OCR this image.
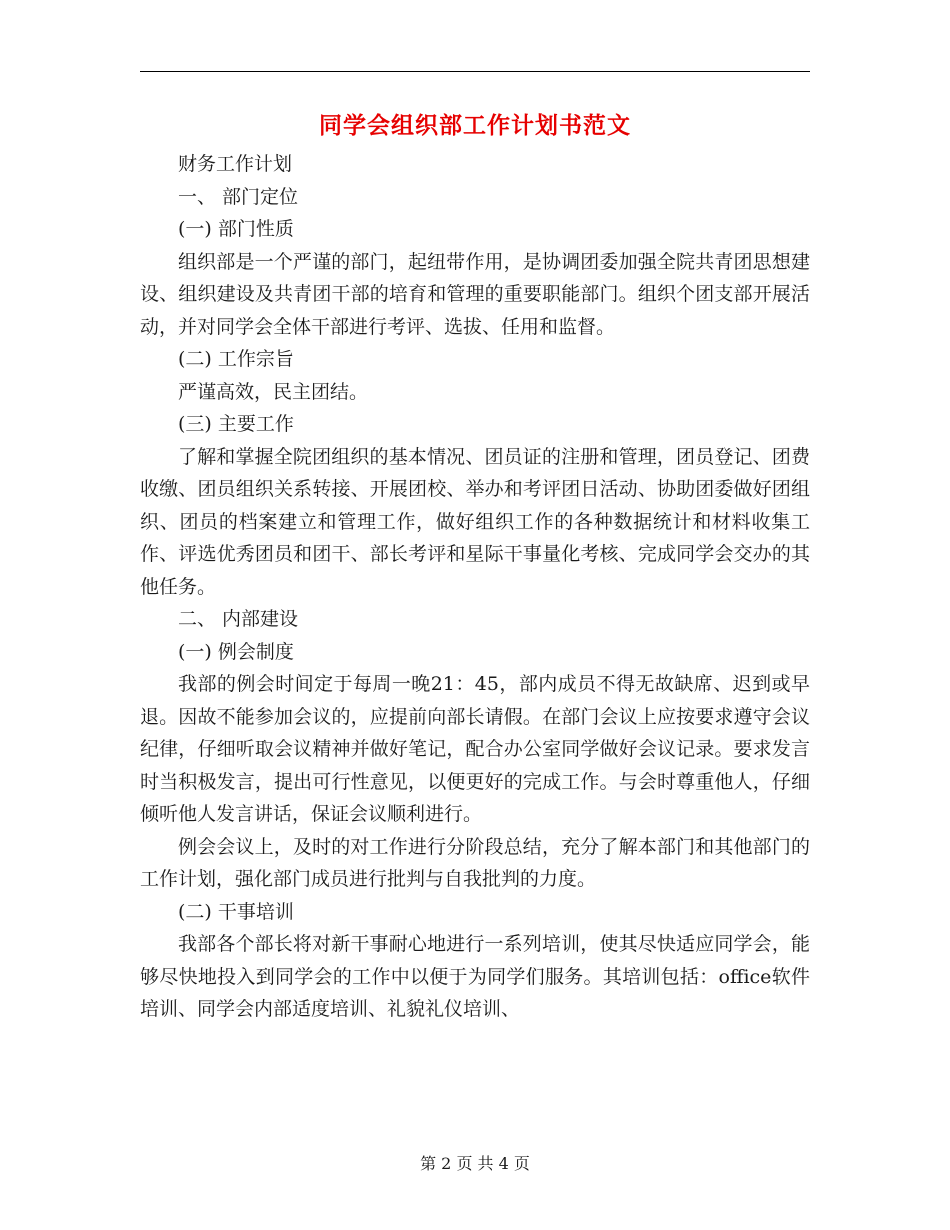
同学会组织部工作计划书范文

财务工作计划

一、 部门定位

(一) 部门性质

组织部是一个严谨的部门，起纽带作用，是协调团委加强全院共青团思想建设、组织建设及共青团干部的培育和管理的重要职能部门。组织个团支部开展活动，并对同学会全体干部进行考评、选拔、任用和监督。

(二) 工作宗旨

严谨高效，民主团结。

(三) 主要工作

了解和掌握全院团组织的基本情况、团员证的注册和管理，团员登记、团费收缴、团员组织关系转接、开展团校、举办和考评团日活动、协助团委做好团组织、团员的档案建立和管理工作，做好组织工作的各种数据统计和材料收集工作、评选优秀团员和团干、部长考评和星际干事量化考核、完成同学会交办的其他任务。

二、 内部建设

(一) 例会制度

我部的例会时间定于每周一晚21：45，部内成员不得无故缺席、迟到或早退。因故不能参加会议的，应提前向部长请假。在部门会议上应按要求遵守会议纪律，仔细听取会议精神并做好笔记，配合办公室同学做好会议记录。要求发言时当积极发言，提出可行性意见，以便更好的完成工作。与会时尊重他人，仔细倾听他人发言讲话，保证会议顺利进行。

例会会议上，及时的对工作进行分阶段总结，充分了解本部门和其他部门的工作计划，强化部门成员进行批判与自我批判的力度。

(二) 干事培训

我部各个部长将对新干事耐心地进行一系列培训，使其尽快适应同学会，能够尽快地投入到同学会的工作中以便于为同学们服务。其培训包括：office软件培训、同学会内部适度培训、礼貌礼仪培训、

第 2 页 共 4 页
